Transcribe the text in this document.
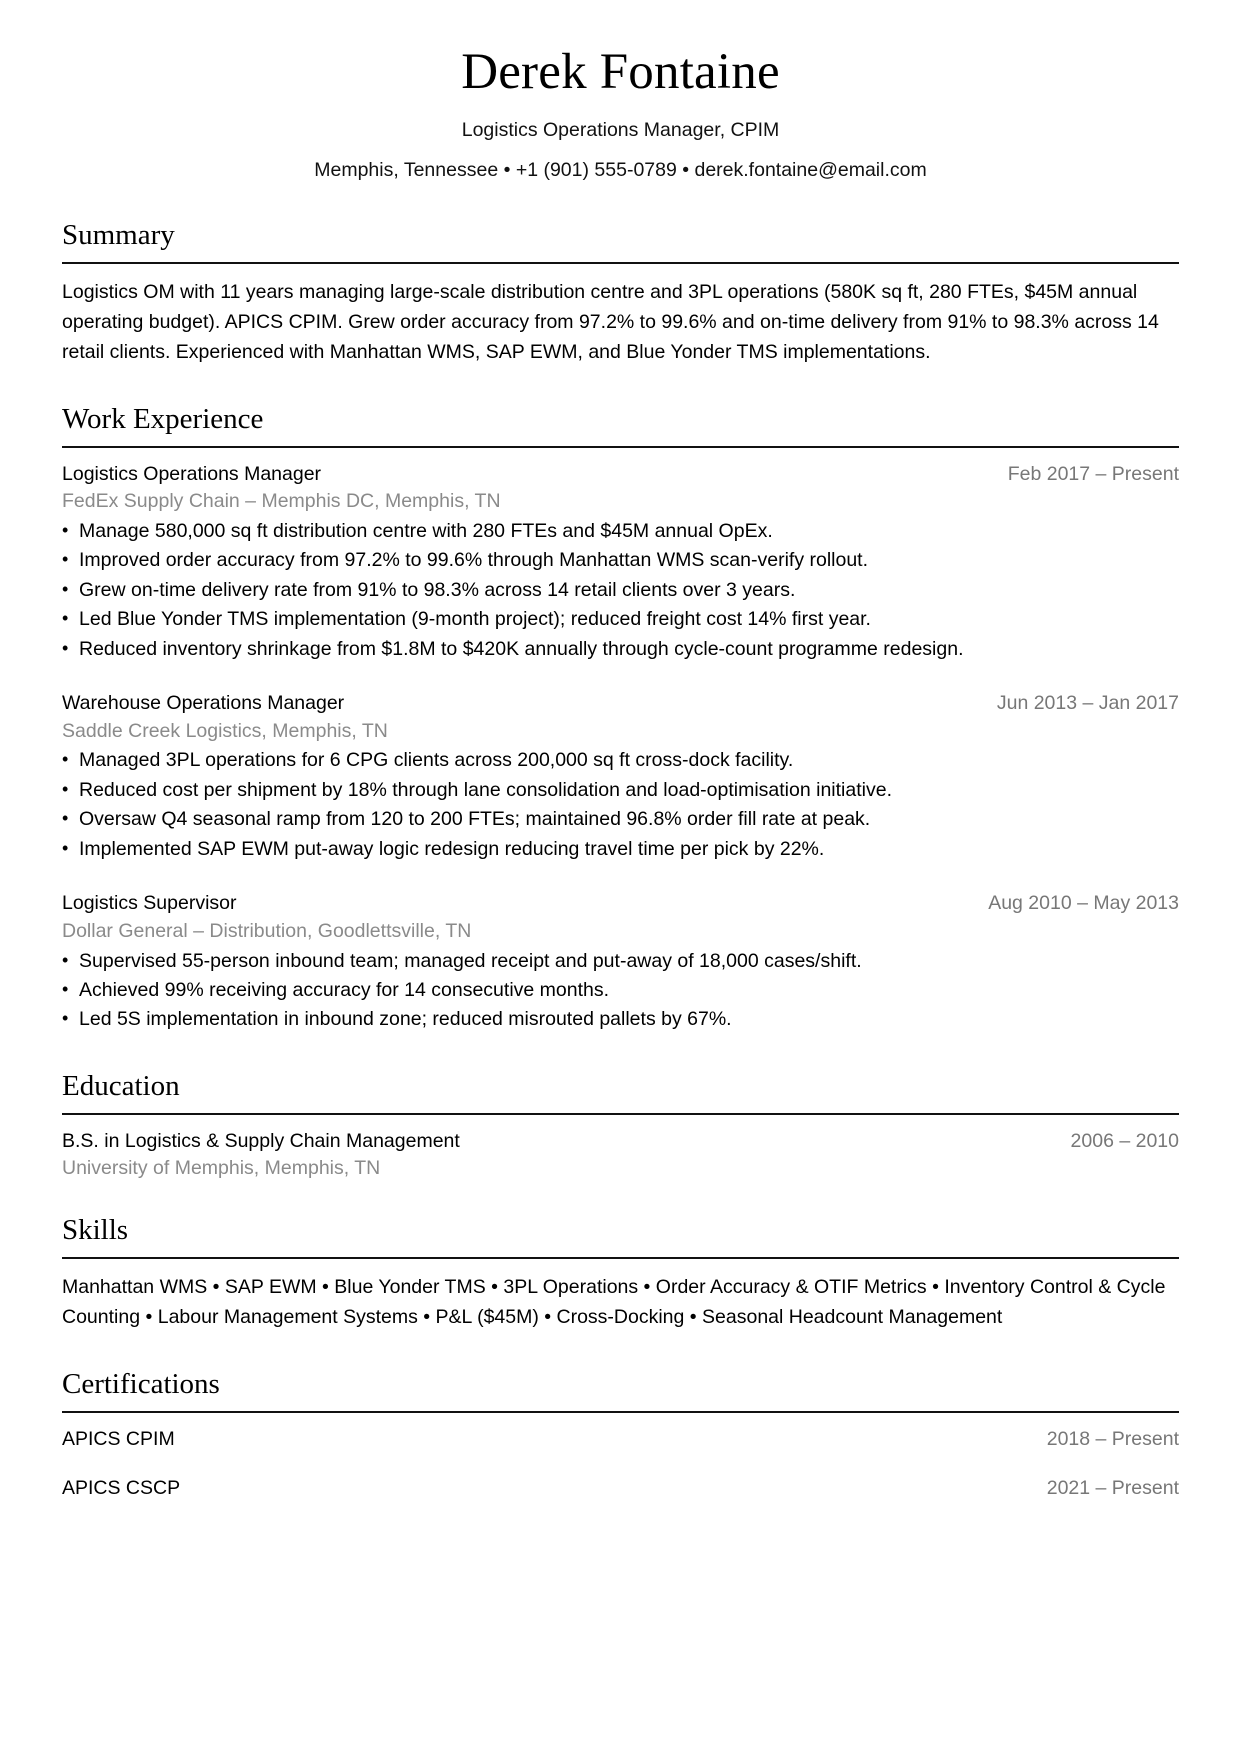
Derek Fontaine
Logistics Operations Manager, CPIM
Memphis, Tennessee • +1 (901) 555-0789 • derek.fontaine@email.com
Summary

Logistics OM with 11 years managing large-scale distribution centre and 3PL operations (580K sq ft, 280 FTEs, $45M annual operating budget). APICS CPIM. Grew order accuracy from 97.2% to 99.6% and on-time delivery from 91% to 98.3% across 14 retail clients. Experienced with Manhattan WMS, SAP EWM, and Blue Yonder TMS implementations.

Work Experience
Logistics Operations Manager	Feb 2017 – Present
FedEx Supply Chain – Memphis DC, Memphis, TN
• Manage 580,000 sq ft distribution centre with 280 FTEs and $45M annual OpEx.
• Improved order accuracy from 97.2% to 99.6% through Manhattan WMS scan-verify rollout.
• Grew on-time delivery rate from 91% to 98.3% across 14 retail clients over 3 years.
• Led Blue Yonder TMS implementation (9-month project); reduced freight cost 14% first year.
• Reduced inventory shrinkage from $1.8M to $420K annually through cycle-count programme redesign.
Warehouse Operations Manager	Jun 2013 – Jan 2017
Saddle Creek Logistics, Memphis, TN
• Managed 3PL operations for 6 CPG clients across 200,000 sq ft cross-dock facility.
• Reduced cost per shipment by 18% through lane consolidation and load-optimisation initiative.
• Oversaw Q4 seasonal ramp from 120 to 200 FTEs; maintained 96.8% order fill rate at peak.
• Implemented SAP EWM put-away logic redesign reducing travel time per pick by 22%.
Logistics Supervisor	Aug 2010 – May 2013
Dollar General – Distribution, Goodlettsville, TN
• Supervised 55-person inbound team; managed receipt and put-away of 18,000 cases/shift.
• Achieved 99% receiving accuracy for 14 consecutive months.
• Led 5S implementation in inbound zone; reduced misrouted pallets by 67%.
Education
B.S. in Logistics & Supply Chain Management	2006 – 2010
University of Memphis, Memphis, TN
Skills

Manhattan WMS • SAP EWM • Blue Yonder TMS • 3PL Operations • Order Accuracy & OTIF Metrics • Inventory Control & Cycle Counting • Labour Management Systems • P&L ($45M) • Cross-Docking • Seasonal Headcount Management

Certifications
APICS CPIM	2018 – Present
APICS CSCP	2021 – Present
